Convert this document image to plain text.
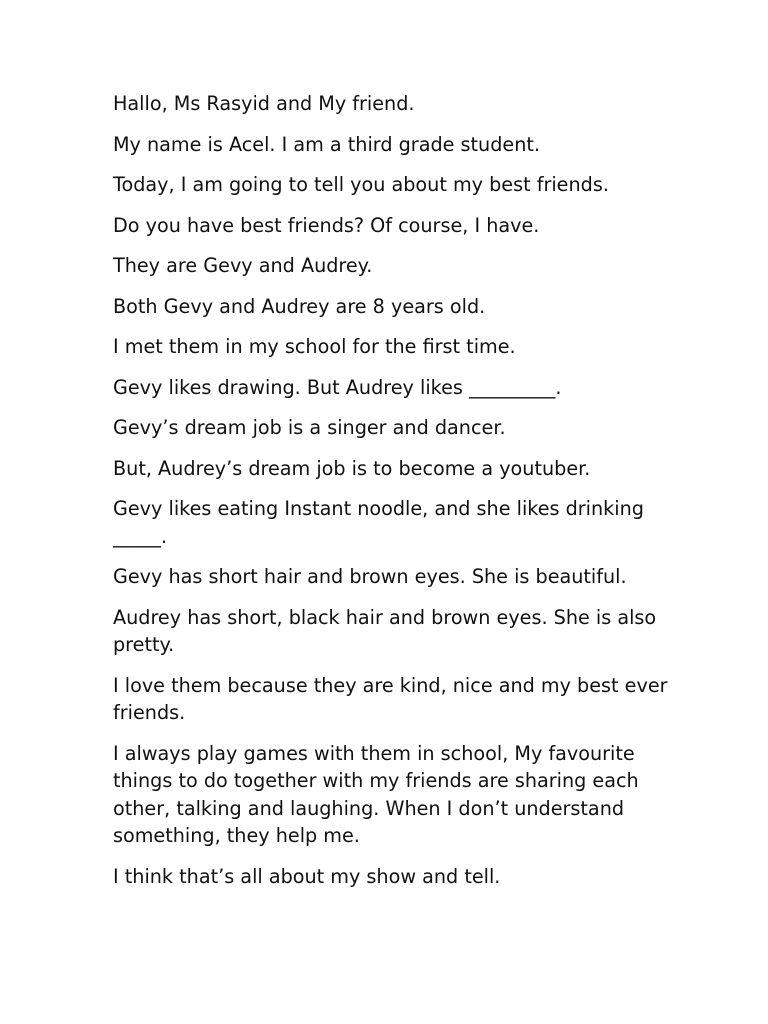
Hallo, Ms Rasyid and My friend.

My name is Acel. I am a third grade student.

Today, I am going to tell you about my best friends.

Do you have best friends? Of course, I have.

They are Gevy and Audrey.

Both Gevy and Audrey are 8 years old.

I met them in my school for the first time.

Gevy likes drawing. But Audrey likes _________.

Gevy’s dream job is a singer and dancer.

But, Audrey’s dream job is to become a youtuber.

Gevy likes eating Instant noodle, and she likes drinking _____.

Gevy has short hair and brown eyes. She is beautiful.

Audrey has short, black hair and brown eyes. She is also pretty.

I love them because they are kind, nice and my best ever friends.

I always play games with them in school, My favourite things to do together with my friends are sharing each other, talking and laughing. When I don’t understand something, they help me.

I think that’s all about my show and tell.
